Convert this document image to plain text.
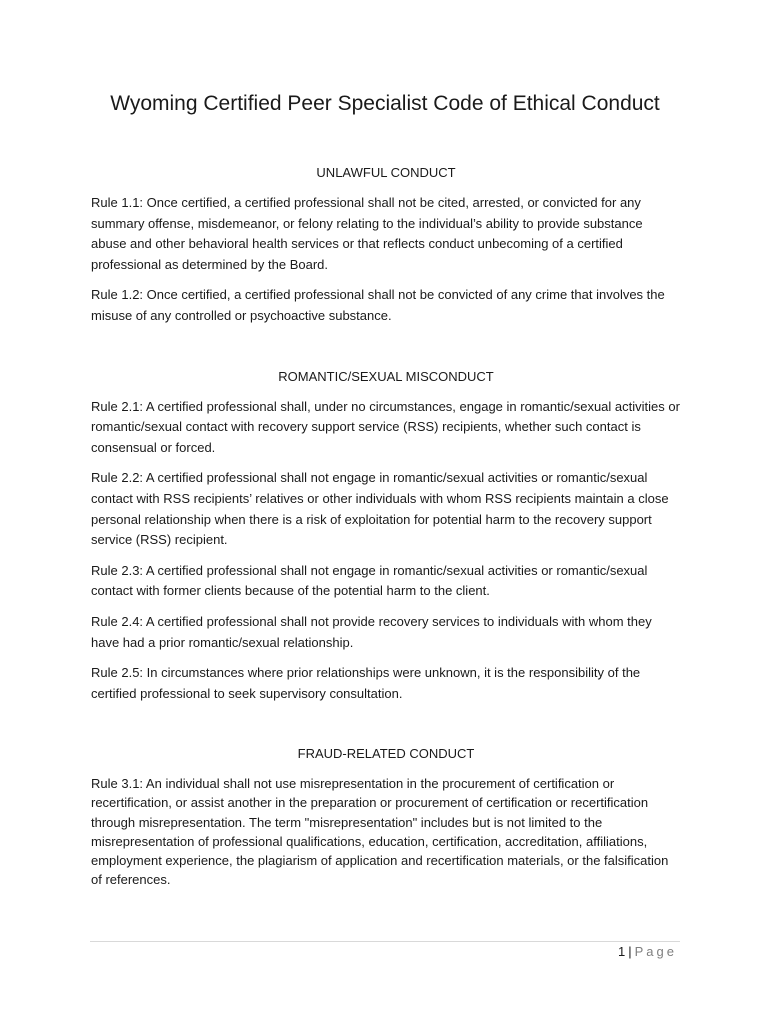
Wyoming Certified Peer Specialist Code of Ethical Conduct

UNLAWFUL CONDUCT

Rule 1.1: Once certified, a certified professional shall not be cited, arrested, or convicted for any summary offense, misdemeanor, or felony relating to the individual’s ability to provide substance abuse and other behavioral health services or that reflects conduct unbecoming of a certified professional as determined by the Board.

Rule 1.2: Once certified, a certified professional shall not be convicted of any crime that involves the misuse of any controlled or psychoactive substance.

ROMANTIC/SEXUAL MISCONDUCT

Rule 2.1: A certified professional shall, under no circumstances, engage in romantic/sexual activities or romantic/sexual contact with recovery support service (RSS) recipients, whether such contact is consensual or forced.

Rule 2.2: A certified professional shall not engage in romantic/sexual activities or romantic/sexual contact with RSS recipients’ relatives or other individuals with whom RSS recipients maintain a close personal relationship when there is a risk of exploitation for potential harm to the recovery support service (RSS) recipient.

Rule 2.3: A certified professional shall not engage in romantic/sexual activities or romantic/sexual contact with former clients because of the potential harm to the client.

Rule 2.4: A certified professional shall not provide recovery services to individuals with whom they have had a prior romantic/sexual relationship.

Rule 2.5: In circumstances where prior relationships were unknown, it is the responsibility of the certified professional to seek supervisory consultation.

FRAUD-RELATED CONDUCT

Rule 3.1: An individual shall not use misrepresentation in the procurement of certification or recertification, or assist another in the preparation or procurement of certification or recertification through misrepresentation. The term "misrepresentation" includes but is not limited to the misrepresentation of professional qualifications, education, certification, accreditation, affiliations, employment experience, the plagiarism of application and recertification materials, or the falsification of references.

1 | Page
